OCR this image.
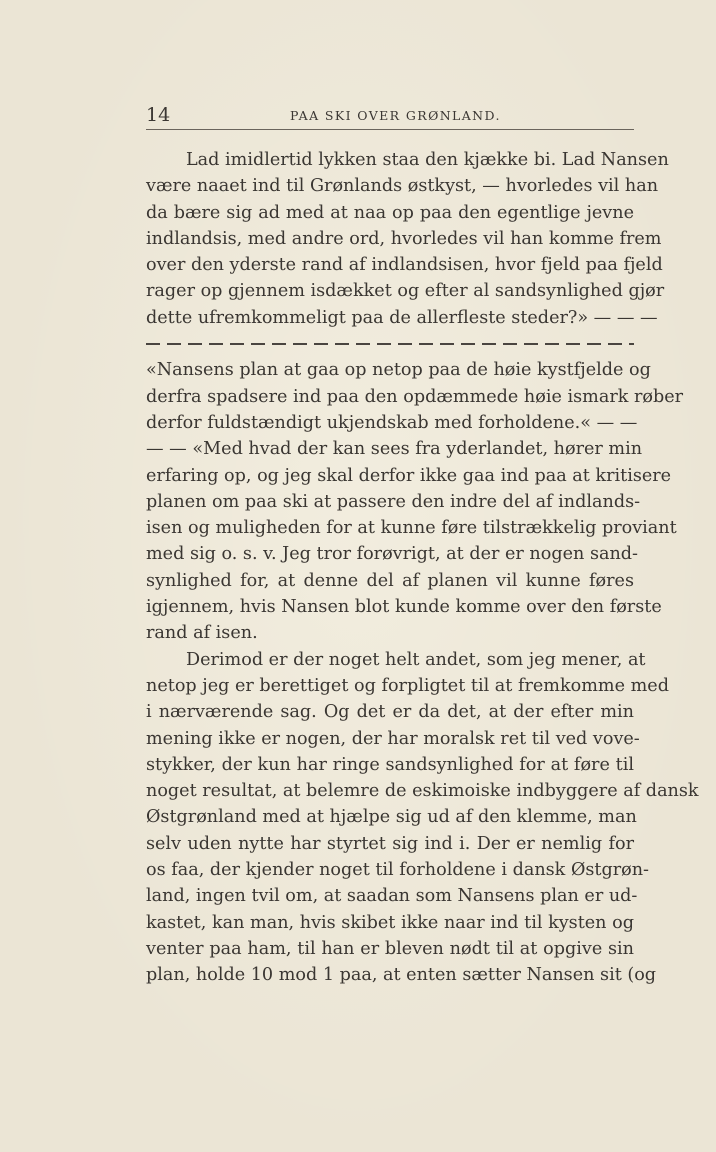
14	PAA SKI OVER GRØNLAND.
Lad imidlertid lykken staa den kjække bi. Lad Nansen
være naaet ind til Grønlands østkyst, — hvorledes vil han
da bære sig ad med at naa op paa den egentlige jevne
indlandsis, med andre ord, hvorledes vil han komme frem
over den yderste rand af indlandsisen, hvor fjeld paa fjeld
rager op gjennem isdækket og efter al sandsynlighed gjør
dette ufremkommeligt paa de allerfleste steder?» — — —
«Nansens plan at gaa op netop paa de høie kystfjelde og
derfra spadsere ind paa den opdæmmede høie ismark røber
derfor fuldstændigt ukjendskab med forholdene.« — —
— — «Med hvad der kan sees fra yderlandet, hører min
erfaring op, og jeg skal derfor ikke gaa ind paa at kritisere
planen om paa ski at passere den indre del af indlands-
isen og muligheden for at kunne føre tilstrækkelig proviant
med sig o. s. v. Jeg tror forøvrigt, at der er nogen sand-
synlighed for, at denne del af planen vil kunne føres
igjennem, hvis Nansen blot kunde komme over den første
rand af isen.
Derimod er der noget helt andet, som jeg mener, at
netop jeg er berettiget og forpligtet til at fremkomme med
i nærværende sag. Og det er da det, at der efter min
mening ikke er nogen, der har moralsk ret til ved vove-
stykker, der kun har ringe sandsynlighed for at føre til
noget resultat, at belemre de eskimoiske indbyggere af dansk
Østgrønland med at hjælpe sig ud af den klemme, man
selv uden nytte har styrtet sig ind i. Der er nemlig for
os faa, der kjender noget til forholdene i dansk Østgrøn-
land, ingen tvil om, at saadan som Nansens plan er ud-
kastet, kan man, hvis skibet ikke naar ind til kysten og
venter paa ham, til han er bleven nødt til at opgive sin
plan, holde 10 mod 1 paa, at enten sætter Nansen sit (og
